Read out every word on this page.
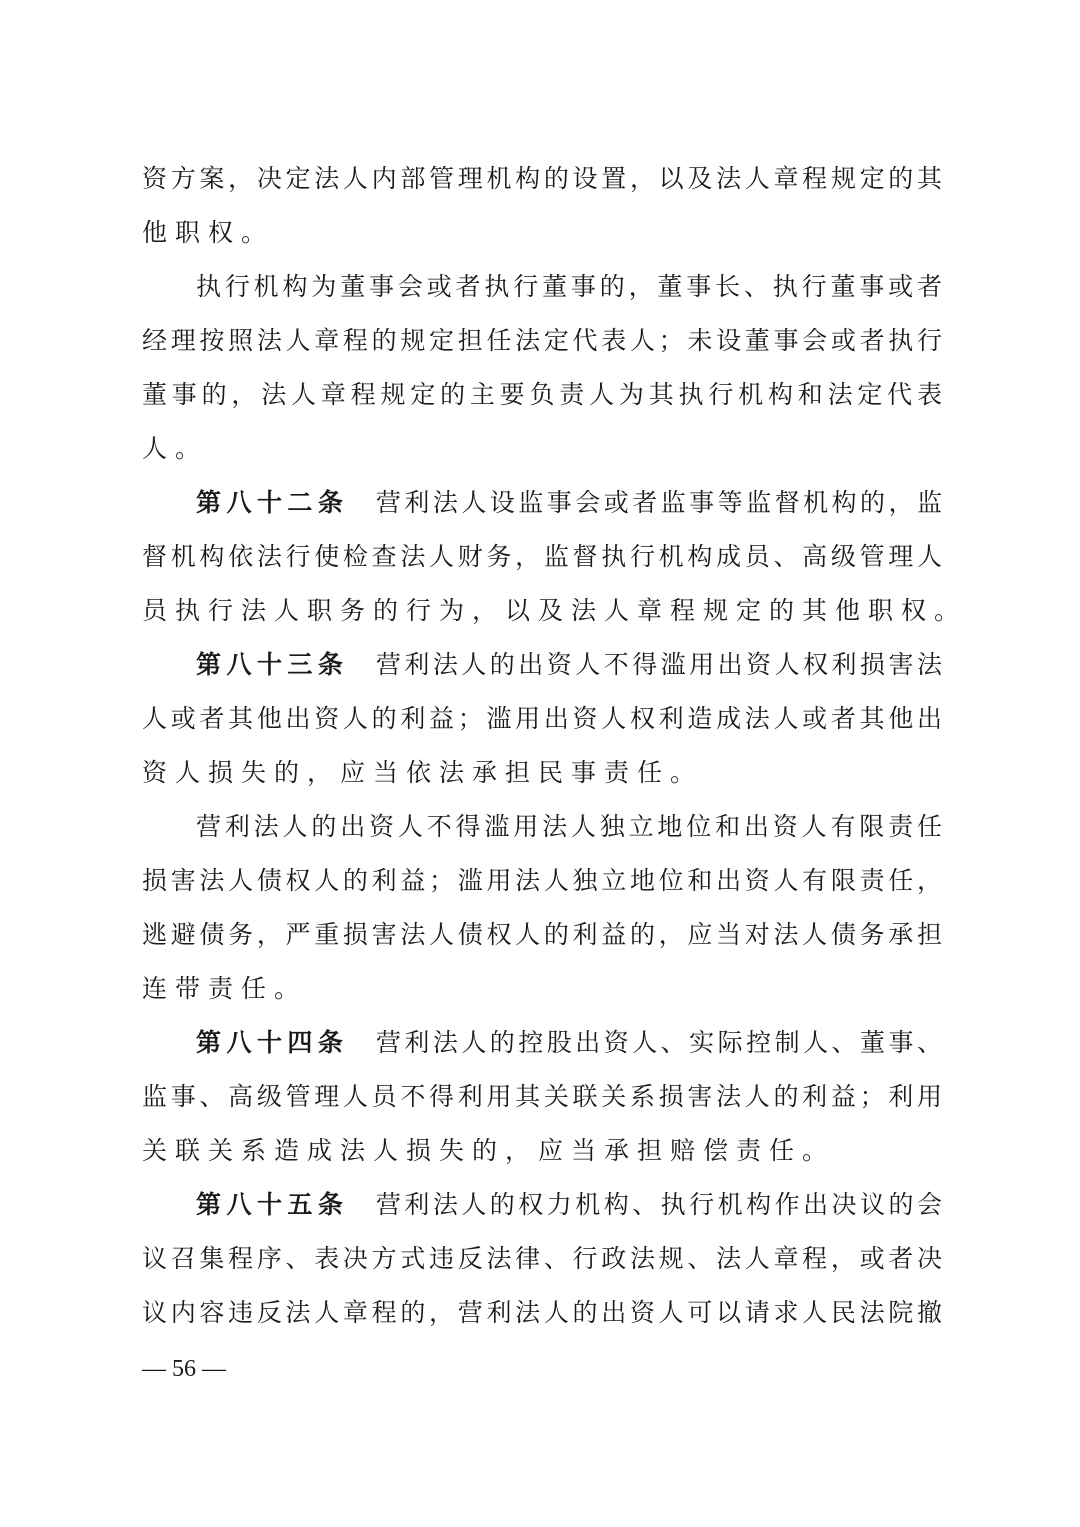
资方案，决定法人内部管理机构的设置，以及法人章程规定的其
他职权。
执行机构为董事会或者执行董事的，董事长、执行董事或者
经理按照法人章程的规定担任法定代表人；未设董事会或者执行
董事的，法人章程规定的主要负责人为其执行机构和法定代表
人。
第八十二条 营利法人设监事会或者监事等监督机构的，监
督机构依法行使检查法人财务，监督执行机构成员、高级管理人
员执行法人职务的行为，以及法人章程规定的其他职权。
第八十三条 营利法人的出资人不得滥用出资人权利损害法
人或者其他出资人的利益；滥用出资人权利造成法人或者其他出
资人损失的，应当依法承担民事责任。
营利法人的出资人不得滥用法人独立地位和出资人有限责任
损害法人债权人的利益；滥用法人独立地位和出资人有限责任，
逃避债务，严重损害法人债权人的利益的，应当对法人债务承担
连带责任。
第八十四条 营利法人的控股出资人、实际控制人、董事、
监事、高级管理人员不得利用其关联关系损害法人的利益；利用
关联关系造成法人损失的，应当承担赔偿责任。
第八十五条 营利法人的权力机构、执行机构作出决议的会
议召集程序、表决方式违反法律、行政法规、法人章程，或者决
议内容违反法人章程的，营利法人的出资人可以请求人民法院撤
— 56 —
